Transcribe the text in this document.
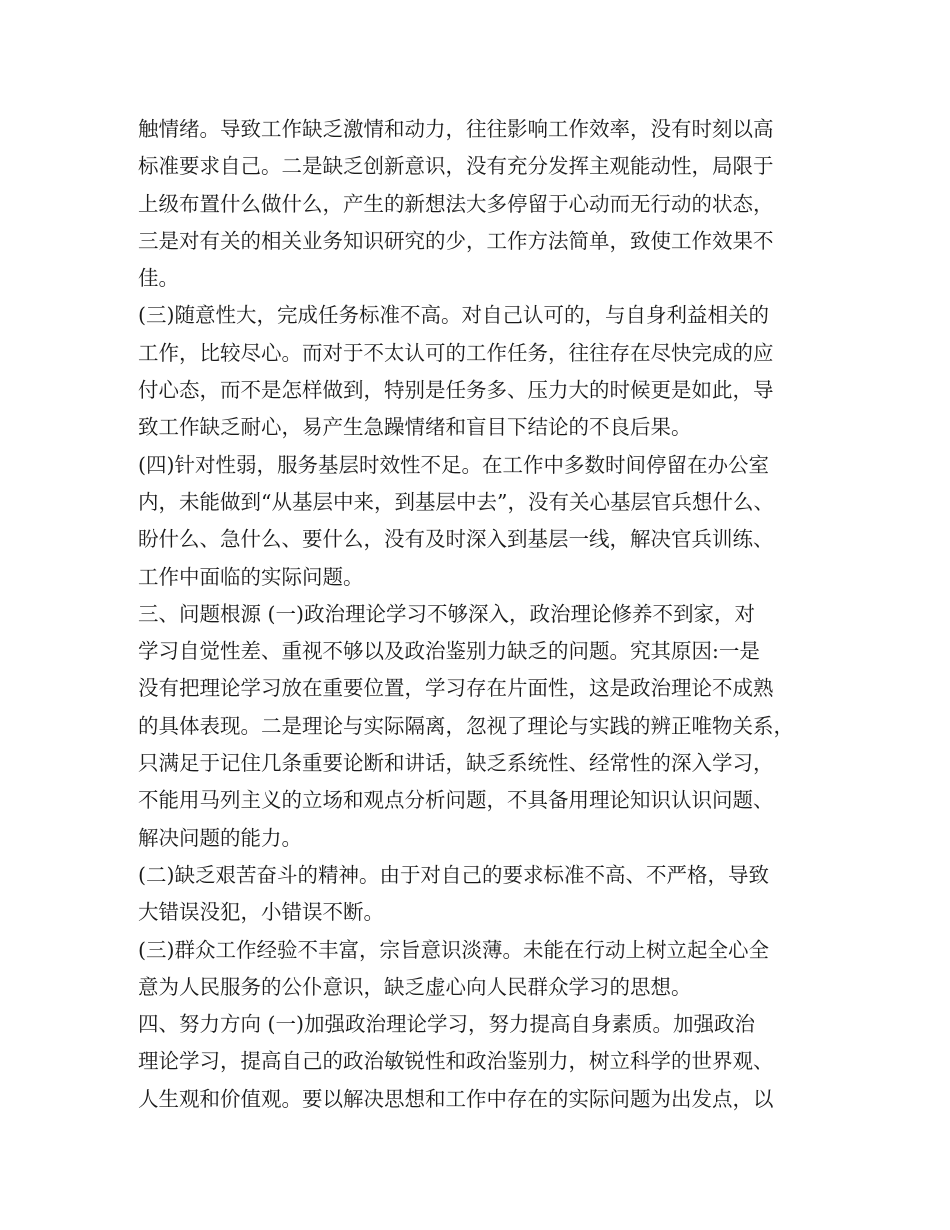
触情绪。导致工作缺乏激情和动力，往往影响工作效率，没有时刻以高
标准要求自己。二是缺乏创新意识，没有充分发挥主观能动性，局限于
上级布置什么做什么，产生的新想法大多停留于心动而无行动的状态，
三是对有关的相关业务知识研究的少，工作方法简单，致使工作效果不
佳。
(三)随意性大，完成任务标准不高。对自己认可的，与自身利益相关的
工作，比较尽心。而对于不太认可的工作任务，往往存在尽快完成的应
付心态，而不是怎样做到，特别是任务多、压力大的时候更是如此，导
致工作缺乏耐心，易产生急躁情绪和盲目下结论的不良后果。
(四)针对性弱，服务基层时效性不足。在工作中多数时间停留在办公室
内，未能做到“从基层中来，到基层中去”，没有关心基层官兵想什么、
盼什么、急什么、要什么，没有及时深入到基层一线，解决官兵训练、
工作中面临的实际问题。
三、问题根源 (一)政治理论学习不够深入，政治理论修养不到家，对
学习自觉性差、重视不够以及政治鉴别力缺乏的问题。究其原因:一是
没有把理论学习放在重要位置，学习存在片面性，这是政治理论不成熟
的具体表现。二是理论与实际隔离，忽视了理论与实践的辨正唯物关系，
只满足于记住几条重要论断和讲话，缺乏系统性、经常性的深入学习，
不能用马列主义的立场和观点分析问题，不具备用理论知识认识问题、
解决问题的能力。
(二)缺乏艰苦奋斗的精神。由于对自己的要求标准不高、不严格，导致
大错误没犯，小错误不断。
(三)群众工作经验不丰富，宗旨意识淡薄。未能在行动上树立起全心全
意为人民服务的公仆意识，缺乏虚心向人民群众学习的思想。
四、努力方向 (一)加强政治理论学习，努力提高自身素质。加强政治
理论学习，提高自己的政治敏锐性和政治鉴别力，树立科学的世界观、
人生观和价值观。要以解决思想和工作中存在的实际问题为出发点，以
